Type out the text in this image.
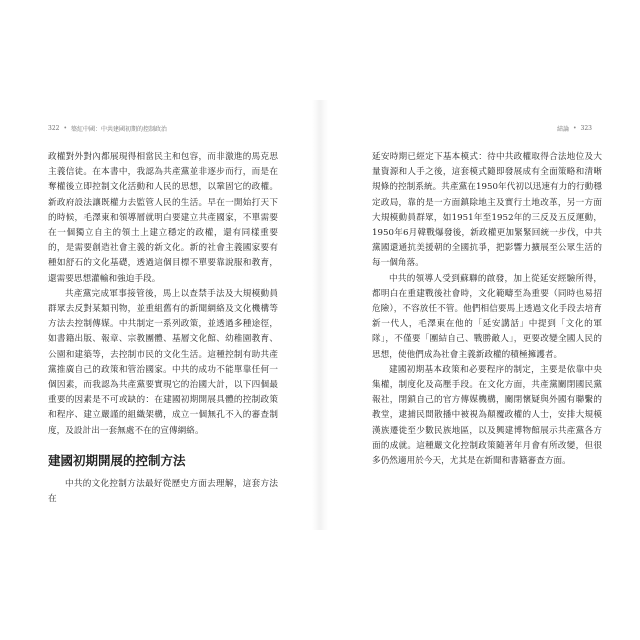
322 • 築紅中國：中共建國初期的控制政治

政權對外對內都展現得相當民主和包容，而非激進的馬克思主義信徒。在本書中，我認為共產黨並非逐步而行，而是在奪權後立即控制文化活動和人民的思想，以鞏固它的政權。新政府設法讓既權力去監管人民的生活。早在一開始打天下的時候，毛澤東和領導層就明白要建立共產國家，不單需要在一個獨立自主的領土上建立穩定的政權，還有同樣重要的，是需要創造社會主義的新文化。新的社會主義國家要有種如舒石的文化基礎，透過這個目標不單要靠說服和教育，還需要思想灌輸和強迫手段。

共產黨完成軍事接管後，馬上以查禁手法及大規模動員群眾去反對某類刊物，並重組舊有的新聞網絡及文化機構等方法去控制傳媒。中共制定一系列政策，並透過多種途徑，如書籍出版、報章、宗教團體、基層文化館、幼稚園教育、公園和建築等，去控制市民的文化生活。這種控制有助共產黨推廣自己的政策和管治國家。中共的成功不能單靠任何一個因素，而我認為共產黨要實現它的治國大計，以下四個最重要的因素是不可或缺的：在建國初期開展具體的控制政策和程序、建立嚴謹的組織架構，成立一個無孔不入的審查制度，及設計出一套無處不在的宣傳網絡。

建國初期開展的控制方法

中共的文化控制方法最好從歷史方面去理解，這套方法在

結論 • 323

延安時期已經定下基本模式：待中共政權取得合法地位及大量資源和人手之後，這套模式隨即發展成有全面策略和清晰規條的控制系統。共產黨在1950年代初以迅速有力的行動穩定政局，靠的是一方面鎮除地主及實行土地改革，另一方面大規模動員群眾，如1951年至1952年的三反及五反運動，1950年6月韓戰爆發後，新政權更加緊緊回統一步伐，中共黨國還通抗美援朝的全國抗爭，把影響力擴展至公眾生活的每一個角落。

中共的領導人受到蘇聯的啟發，加上從延安經驗所得，都明白在重建戰後社會時，文化範疇至為重要（同時也易招危險），不容放任不管。他們相信要馬上透過文化手段去培育新一代人，毛澤東在他的「延安講話」中提到「文化的軍隊」，不僅要「團結自己、戰勝敵人」，更要改變全國人民的思想，使他們成為社會主義新政權的積極擁護者。

建國初期基本政策和必要程序的制定，主要是依靠中央集權，制度化及高壓手段。在文化方面，共產黨關閉國民黨報社，閉鎖自己的官方傳媒機構，關閉懷疑與外國有聯繫的教堂，逮捕民間散播中被視為顛覆政權的人士，安排大規模漢族遷徙至少數民族地區，以及興建博物館展示共產黨各方面的成就。這種嚴文化控制政策隨著年月會有所改變，但很多仍然適用於今天，尤其是在新聞和書籍審查方面。
